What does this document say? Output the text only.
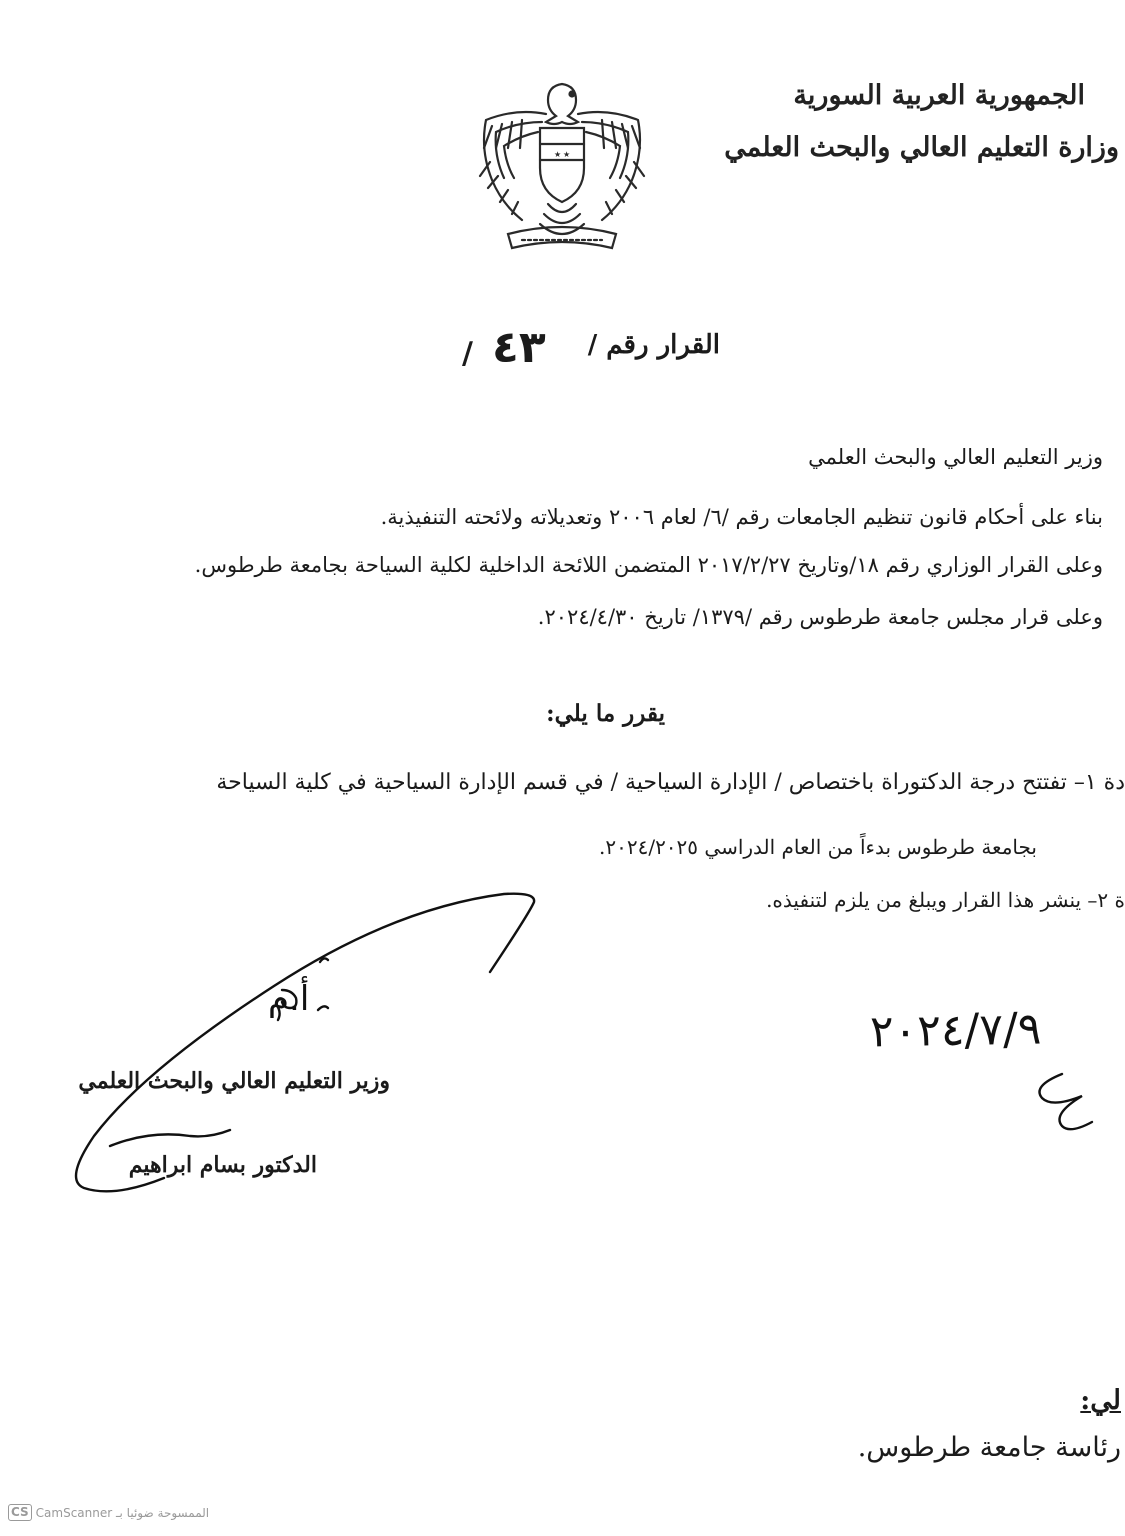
الجمهورية العربية السورية
وزارة التعليم العالي والبحث العلمي
★ ★
القرار رقم /
٤٣
/
وزير التعليم العالي والبحث العلمي
بناء على أحكام قانون تنظيم الجامعات رقم /٦/ لعام ٢٠٠٦ وتعديلاته ولائحته التنفيذية.
وعلى القرار الوزاري رقم ١٨/وتاريخ ٢٠١٧/٢/٢٧ المتضمن اللائحة الداخلية لكلية السياحة بجامعة طرطوس.
وعلى قرار مجلس جامعة طرطوس رقم /١٣٧٩/ تاريخ ٢٠٢٤/٤/٣٠.
يقرر ما يلي:
دة ١– تفتتح درجة الدكتوراة باختصاص / الإدارة السياحية / في قسم الإدارة السياحية في كلية السياحة
بجامعة طرطوس بدءاً من العام الدراسي ٢٠٢٤/٢٠٢٥.
ة ٢– ينشر هذا القرار ويبلغ من يلزم لتنفيذه.
٢٠٢٤/٧/٩
وزير التعليم العالي والبحث العلمي
الدكتور بسام ابراهيم
أ.م
لي:
رئاسة جامعة طرطوس.
CS CamScanner الممسوحة ضوئيا بـ
